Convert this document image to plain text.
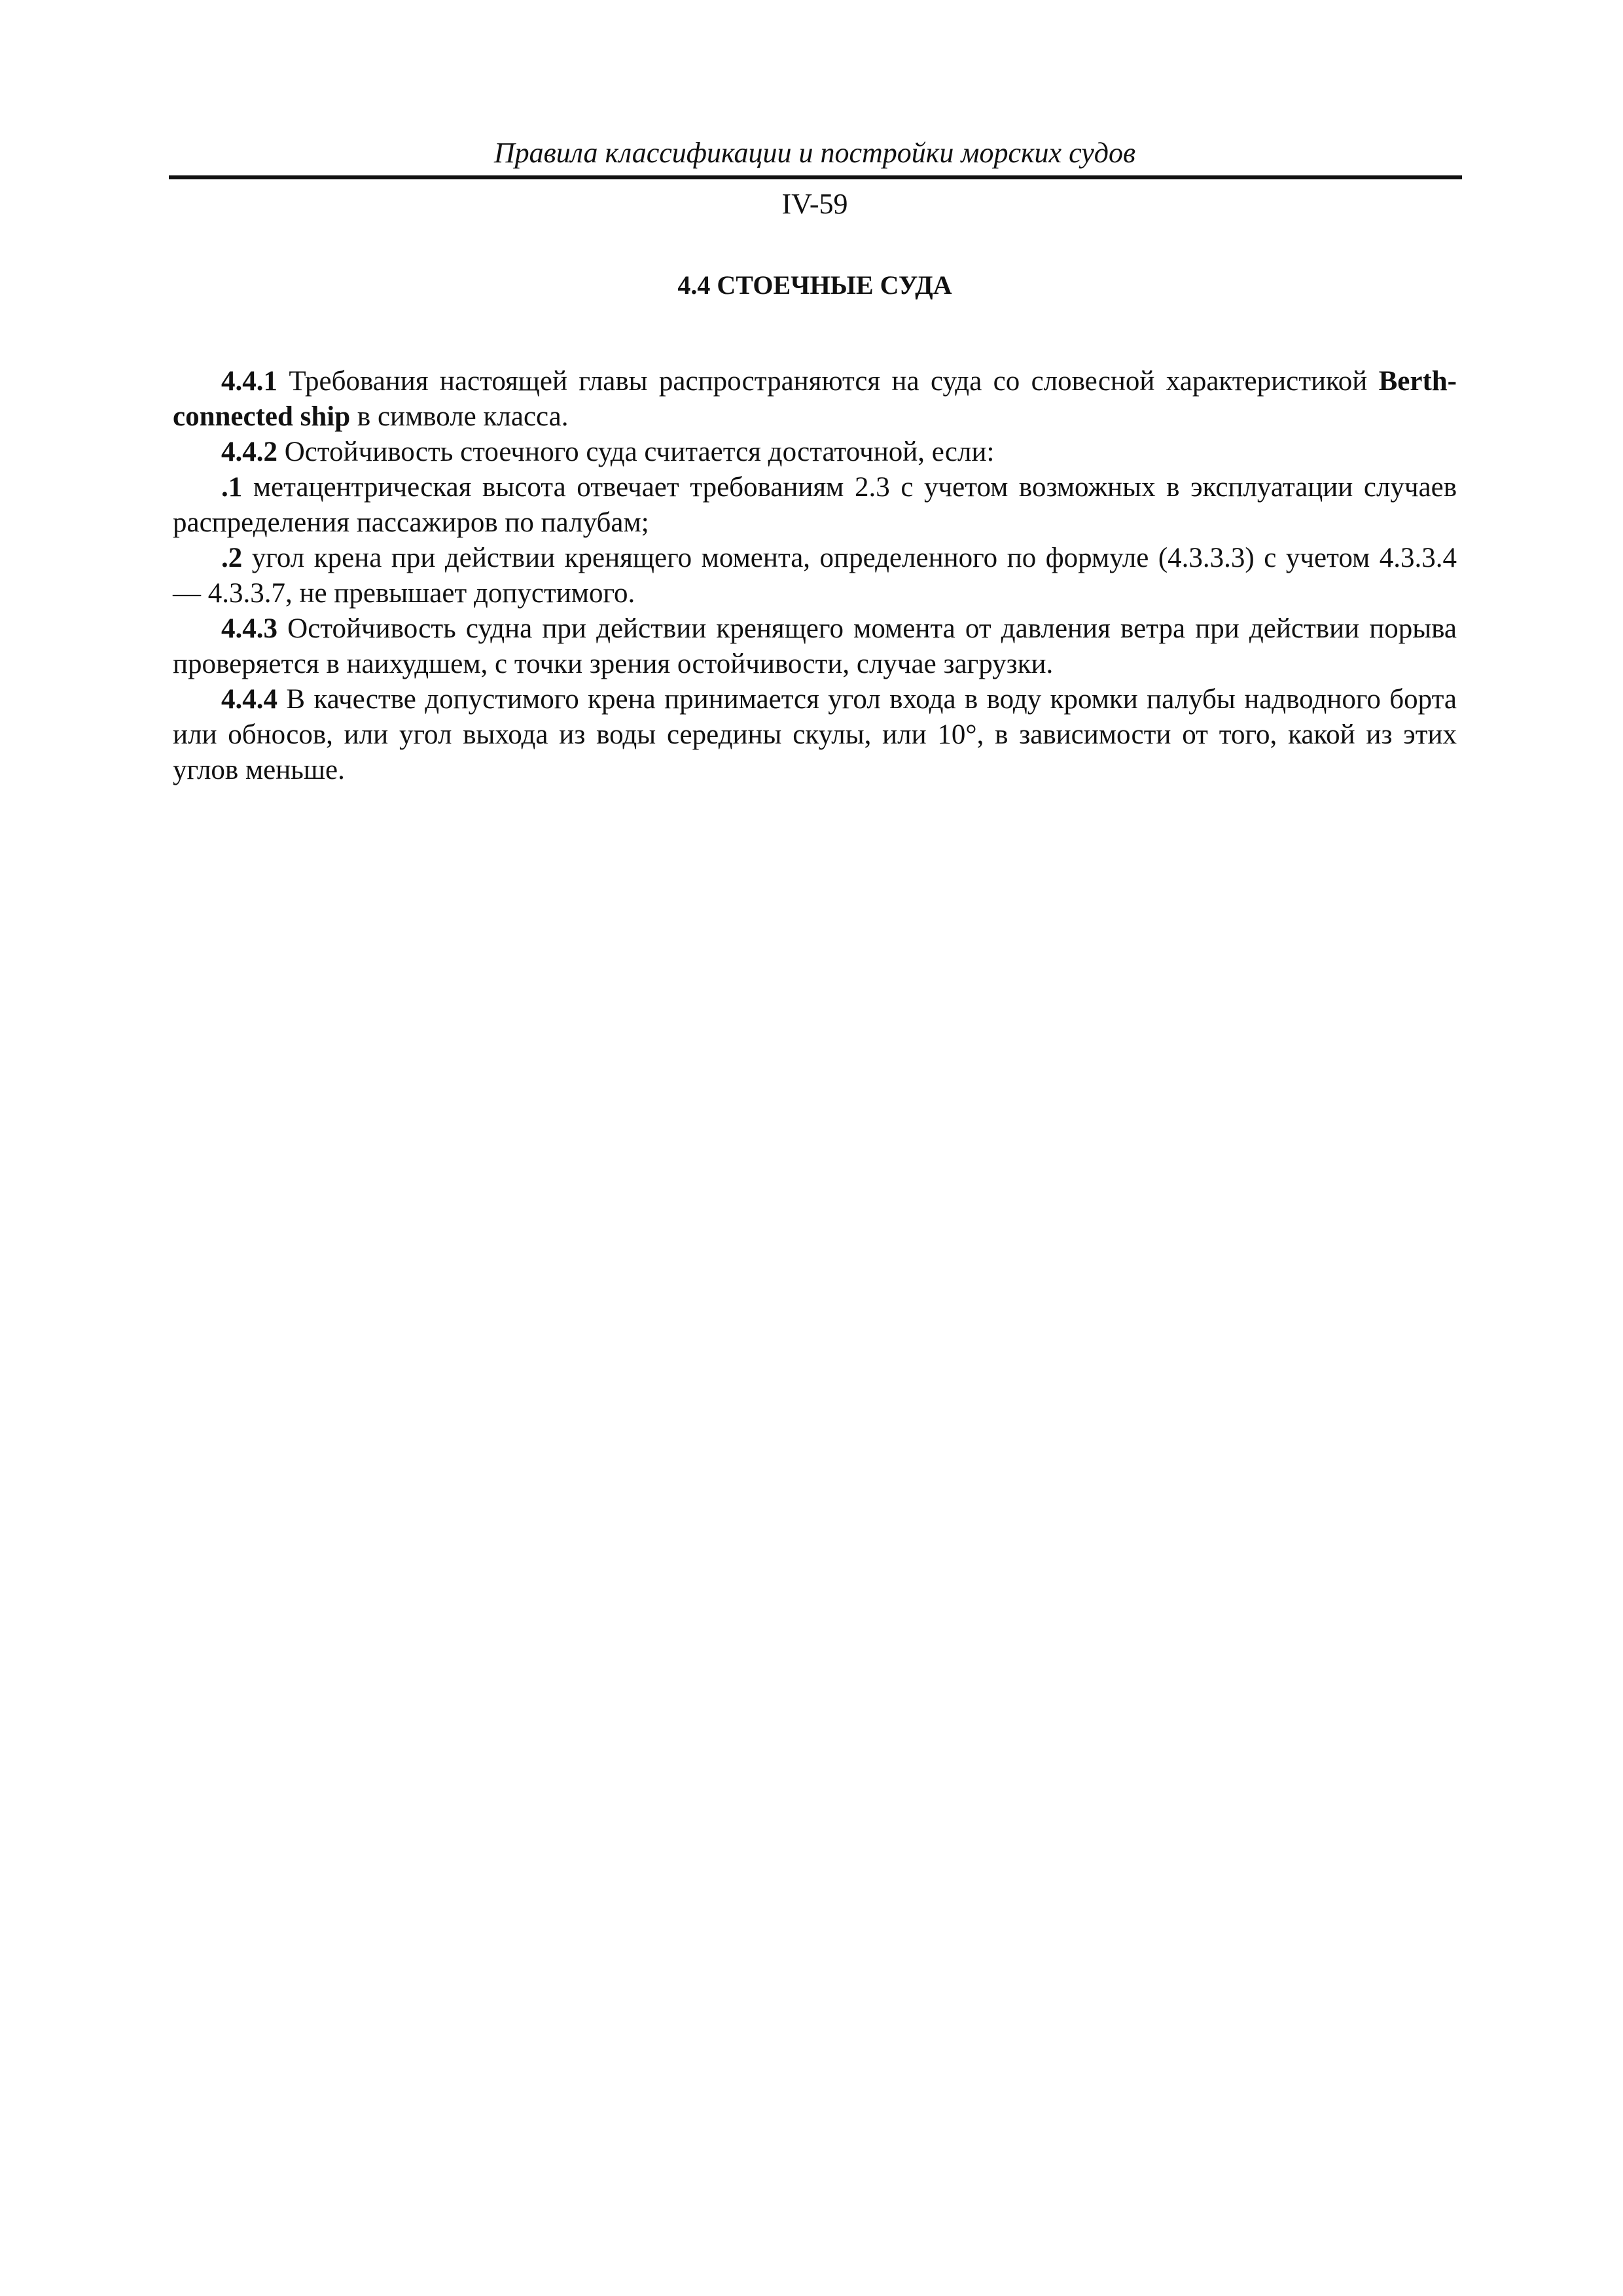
Правила классификации и постройки морских судов
IV-59
4.4 СТОЕЧНЫЕ СУДА

4.4.1 Требования настоящей главы распространяются на суда со словесной характеристикой Berth-connected ship в символе класса.

4.4.2 Остойчивость стоечного суда считается достаточной, если:

.1 метацентрическая высота отвечает требованиям 2.3 с учетом возможных в эксплуатации случаев распределения пассажиров по палубам;

.2 угол крена при действии кренящего момента, определенного по формуле (4.3.3.3) с учетом 4.3.3.4 — 4.3.3.7, не превышает допустимого.

4.4.3 Остойчивость судна при действии кренящего момента от давления ветра при действии порыва проверяется в наихудшем, с точки зрения остойчивости, случае загрузки.

4.4.4 В качестве допустимого крена принимается угол входа в воду кромки палубы надводного борта или обносов, или угол выхода из воды середины скулы, или 10°, в зависимости от того, какой из этих углов меньше.
